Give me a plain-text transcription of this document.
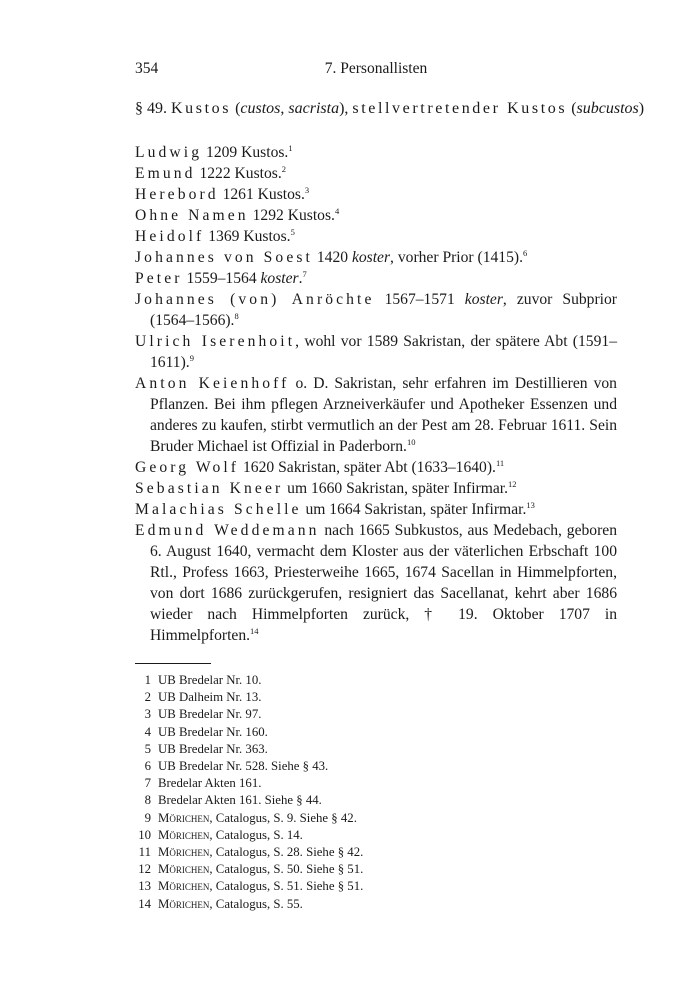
354	7. Personallisten
§ 49. Kustos (custos, sacrista), stellvertretender Kustos (subcustos)
Ludwig 1209 Kustos.$^1$
Emund 1222 Kustos.$^2$
Herebord 1261 Kustos.$^3$
Ohne Namen 1292 Kustos.$^4$
Heidolf 1369 Kustos.$^5$
Johannes von Soest 1420 koster, vorher Prior (1415).$^6$
Peter 1559–1564 koster.$^7$
Johannes (von) Anröchte 1567–1571 koster, zuvor Subprior (1564–1566).$^8$
Ulrich Iserenhoit, wohl vor 1589 Sakristan, der spätere Abt (1591–1611).$^9$
Anton Keienhoff o. D. Sakristan, sehr erfahren im Destillieren von Pflanzen. Bei ihm pflegen Arzneiverkäufer und Apotheker Essenzen und anderes zu kaufen, stirbt vermutlich an der Pest am 28. Februar 1611. Sein Bruder Michael ist Offizial in Paderborn.$^{10}$
Georg Wolf 1620 Sakristan, später Abt (1633–1640).$^{11}$
Sebastian Kneer um 1660 Sakristan, später Infirmar.$^{12}$
Malachias Schelle um 1664 Sakristan, später Infirmar.$^{13}$
Edmund Weddemann nach 1665 Subkustos, aus Medebach, geboren 6. August 1640, vermacht dem Kloster aus der väterlichen Erbschaft 100 Rtl., Profess 1663, Priesterweihe 1665, 1674 Sacellan in Himmelpforten, von dort 1686 zurückgerufen, resigniert das Sacellanat, kehrt aber 1686 wieder nach Himmelpforten zurück, † 19. Oktober 1707 in Himmelpforten.$^{14}$
1 UB Bredelar Nr. 10.
2 UB Dalheim Nr. 13.
3 UB Bredelar Nr. 97.
4 UB Bredelar Nr. 160.
5 UB Bredelar Nr. 363.
6 UB Bredelar Nr. 528. Siehe § 43.
7 Bredelar Akten 161.
8 Bredelar Akten 161. Siehe § 44.
9 Mörichen, Catalogus, S. 9. Siehe § 42.
10 Mörichen, Catalogus, S. 14.
11 Mörichen, Catalogus, S. 28. Siehe § 42.
12 Mörichen, Catalogus, S. 50. Siehe § 51.
13 Mörichen, Catalogus, S. 51. Siehe § 51.
14 Mörichen, Catalogus, S. 55.
